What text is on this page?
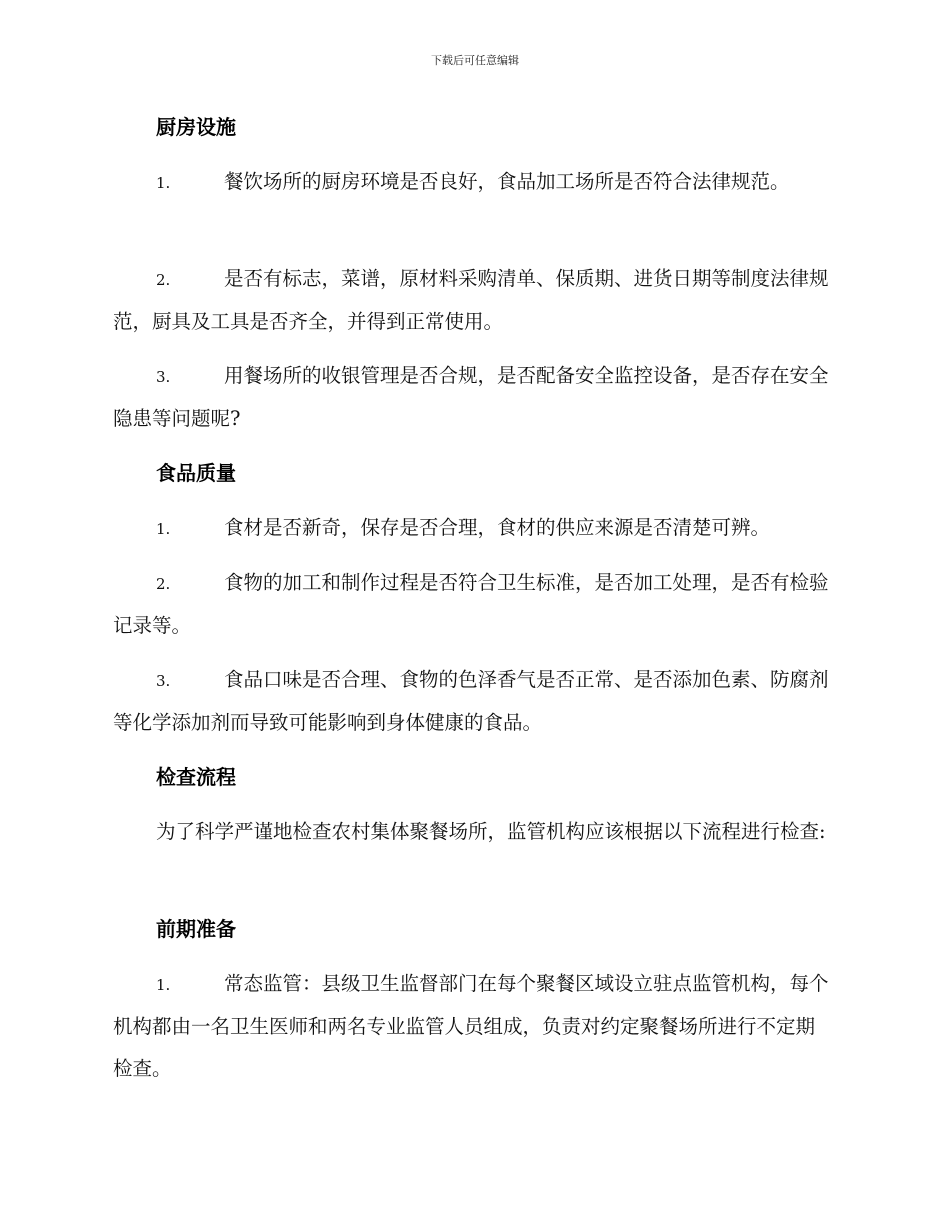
下载后可任意编辑
厨房设施
1.	餐饮场所的厨房环境是否良好，食品加工场所是否符合法律规范。
2.	是否有标志，菜谱，原材料采购清单、保质期、进货日期等制度法律规范，厨具及工具是否齐全，并得到正常使用。
3.	用餐场所的收银管理是否合规，是否配备安全监控设备，是否存在安全隐患等问题呢?
食品质量
1.	食材是否新奇，保存是否合理，食材的供应来源是否清楚可辨。
2.	食物的加工和制作过程是否符合卫生标准，是否加工处理，是否有检验记录等。
3.	食品口味是否合理、食物的色泽香气是否正常、是否添加色素、防腐剂等化学添加剂而导致可能影响到身体健康的食品。
检查流程
为了科学严谨地检查农村集体聚餐场所，监管机构应该根据以下流程进行检查:
前期准备
1.	常态监管：县级卫生监督部门在每个聚餐区域设立驻点监管机构，每个机构都由一名卫生医师和两名专业监管人员组成，负责对约定聚餐场所进行不定期检查。
